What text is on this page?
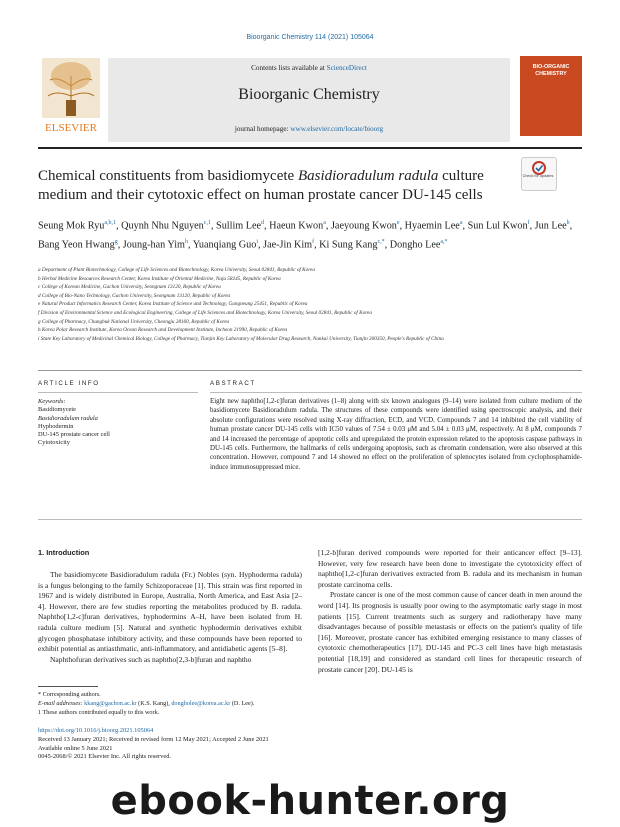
Bioorganic Chemistry 114 (2021) 105064
ELSEVIER
Contents lists available at ScienceDirect
Bioorganic Chemistry
journal homepage: www.elsevier.com/locate/bioorg
BIO-ORGANIC CHEMISTRY
Check for updates
Chemical constituents from basidiomycete Basidioradulum radula culture medium and their cytotoxic effect on human prostate cancer DU-145 cells
Seung Mok Ryu$^{a,b,1}$, Quynh Nhu Nguyen$^{c,1}$, Sullim Lee$^d$, Haeun Kwon$^a$, Jaeyoung Kwon$^e$, Hyaemin Lee$^a$, Sun Lul Kwon$^f$, Jun Lee$^b$, Bang Yeon Hwang$^g$, Joung-han Yim$^h$, Yuanqiang Guo$^i$, Jae-Jin Kim$^f$, Ki Sung Kang$^{c,*}$, Dongho Lee$^{a,*}$
a Department of Plant Biotechnology, College of Life Sciences and Biotechnology, Korea University, Seoul 02841, Republic of Korea
b Herbal Medicine Resources Research Center, Korea Institute of Oriental Medicine, Naju 58245, Republic of Korea
c College of Korean Medicine, Gachon University, Seongnam 13120, Republic of Korea
d College of Bio-Nano Technology, Gachon University, Seongnam 13120, Republic of Korea
e Natural Product Informatics Research Center, Korea Institute of Science and Technology, Gangneung 25451, Republic of Korea
f Division of Environmental Science and Ecological Engineering, College of Life Sciences and Biotechnology, Korea University, Seoul 02841, Republic of Korea
g College of Pharmacy, Chungbuk National University, Cheongju 28160, Republic of Korea
h Korea Polar Research Institute, Korea Ocean Research and Development Institute, Incheon 21990, Republic of Korea
i State Key Laboratory of Medicinal Chemical Biology, College of Pharmacy, Tianjin Key Laboratory of Molecular Drug Research, Nankai University, Tianjin 300350, People's Republic of China
ARTICLE INFO	ABSTRACT
Keywords:
Basidiomycete
Basidioradulum radula
Hyphodermin
DU-145 prostate cancer cell
Cytotoxicity
Eight new naphtho[1,2-c]furan derivatives (1–8) along with six known analogues (9–14) were isolated from culture medium of the basidiomycete Basidioradulum radula. The structures of these compounds were identified using spectroscopic analysis, and their absolute configurations were resolved using X-ray diffraction, ECD, and VCD. Compounds 7 and 14 inhibited the cell viability of human prostate cancer DU-145 cells with IC50 values of 7.54 ± 0.03 μM and 5.04 ± 0.03 μM, respectively. At 8 μM, compounds 7 and 14 increased the percentage of apoptotic cells and upregulated the protein expression related to the apoptosis caspase pathways in DU-145 cells. Furthermore, the hallmarks of cells undergoing apoptosis, such as chromatin condensation, were also observed at this concentration. However, compound 7 and 14 showed no effect on the proliferation of splenocytes isolated from cyclophosphamide-induce immunosuppressed mice.
1. Introduction

The basidiomycete Basidioradulum radula (Fr.) Nobles (syn. Hyphoderma radula) is a fungus belonging to the family Schizoporaceae [1]. This strain was first reported in 1967 and is widely distributed in Europe, Australia, North America, and East Asia [2–4]. However, there are few studies reporting the metabolites produced by B. radula. Naphtho[1,2-c]furan derivatives, hyphodermins A–H, have been isolated from H. radula culture medium [5]. Natural and synthetic hyphodermin derivatives exhibit glycogen phosphatase inhibitory activity, and these compounds have been reported to exhibit potential as antiasthmatic, anti-inflammatory, and antidiabetic agents [5–8].

Naphthofuran derivatives such as naphtho[2,3-b]furan and naphtho

[1,2-b]furan derived compounds were reported for their anticancer effect [9–13]. However, very few research have been done to investigate the cytotoxicity effect of naphtho[1,2-c]furan derivatives extracted from B. radula and its mechanism in human prostate carcinoma cells.

Prostate cancer is one of the most common cause of cancer death in men around the word [14]. Its prognosis is usually poor owing to the asymptomatic early stage in most patients [15]. Current treatments such as surgery and radiotherapy have many disadvantages because of possible metastasis or effects on the patient's quality of life [16]. Moreover, prostate cancer has exhibited emerging resistance to many classes of cytotoxic chemotherapeutics [17]. DU-145 and PC-3 cell lines have high metastasis potential [18,19] and considered as standard cell lines for therapeutic research of prostate cancer [20]. DU-145 is

* Corresponding authors.
E-mail addresses: kkang@gachon.ac.kr (K.S. Kang), dongholee@korea.ac.kr (D. Lee).
1 These authors contributed equally to this work.
https://doi.org/10.1016/j.bioorg.2021.105064
Received 13 January 2021; Received in revised form 12 May 2021; Accepted 2 June 2021
Available online 5 June 2021
0045-2068/© 2021 Elsevier Inc. All rights reserved.
ebook-hunter.org
